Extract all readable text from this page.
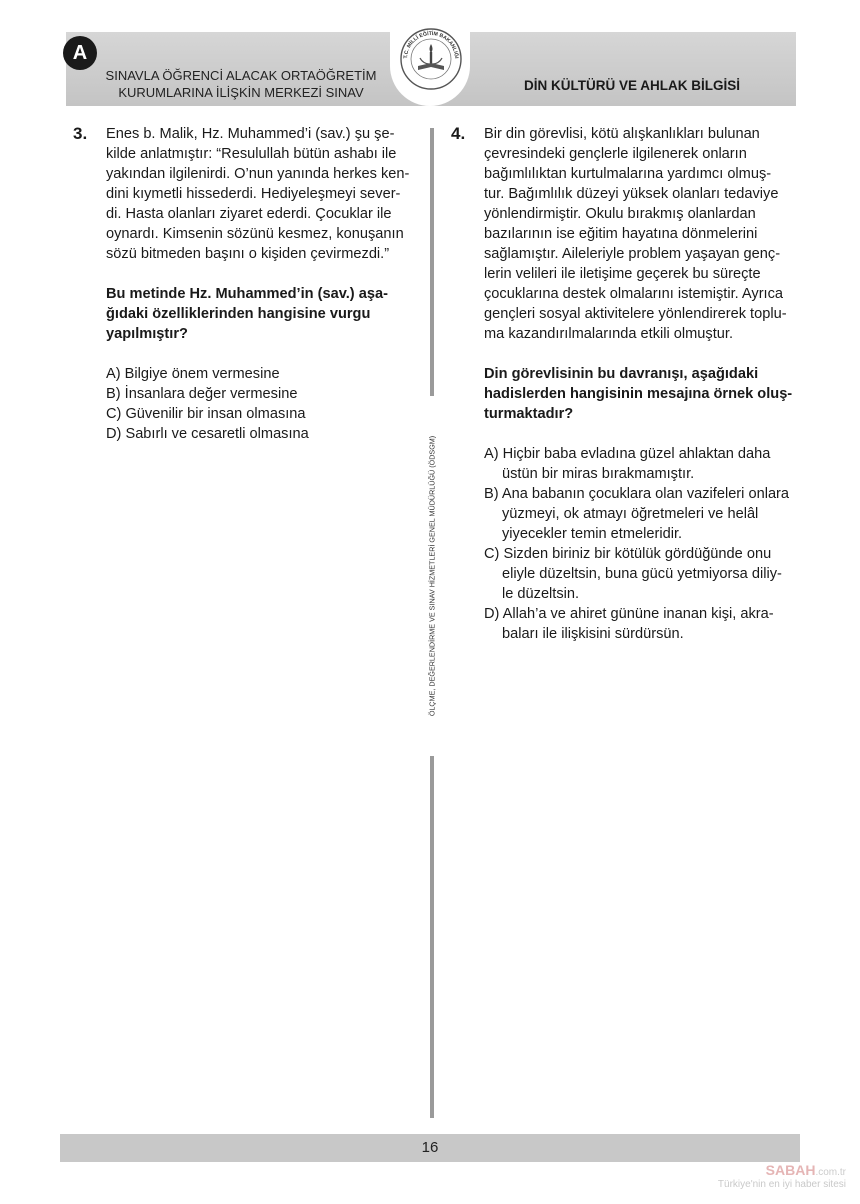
A
SINAVLA ÖĞRENCİ ALACAK ORTAÖĞRETİM
KURUMLARINA İLİŞKİN MERKEZİ SINAV
T.C. MİLLÎ EĞİTİM BAKANLIĞI
DİN KÜLTÜRÜ VE AHLAK BİLGİSİ
3. Enes b. Malik, Hz. Muhammed’i (sav.) şu şe-
kilde anlatmıştır: “Resulullah bütün ashabı ile
yakından ilgilenirdi. O’nun yanında herkes ken-
dini kıymetli hissederdi. Hediyeleşmeyi sever-
di. Hasta olanları ziyaret ederdi. Çocuklar ile
oynardı. Kimsenin sözünü kesmez, konuşanın
sözü bitmeden başını o kişiden çevirmezdi.”

Bu metinde Hz. Muhammed’in (sav.) aşa-
ğıdaki özelliklerinden hangisine vurgu
yapılmıştır?

A) Bilgiye önem vermesine
B) İnsanlara değer vermesine
C) Güvenilir bir insan olmasına
D) Sabırlı ve cesaretli olmasına
ÖLÇME, DEĞERLENDİRME VE SINAV HİZMETLERİ GENEL MÜDÜRLÜĞÜ (ÖDSGM)
4. Bir din görevlisi, kötü alışkanlıkları bulunan
çevresindeki gençlerle ilgilenerek onların
bağımlılıktan kurtulmalarına yardımcı olmuş-
tur. Bağımlılık düzeyi yüksek olanları tedaviye
yönlendirmiştir. Okulu bırakmış olanlardan
bazılarının ise eğitim hayatına dönmelerini
sağlamıştır. Aileleriyle problem yaşayan genç-
lerin velileri ile iletişime geçerek bu süreçte
çocuklarına destek olmalarını istemiştir. Ayrıca
gençleri sosyal aktivitelere yönlendirerek toplu-
ma kazandırılmalarında etkili olmuştur.

Din görevlisinin bu davranışı, aşağıdaki
hadislerden hangisinin mesajına örnek oluş-
turmaktadır?

A) Hiçbir baba evladına güzel ahlaktan daha
üstün bir miras bırakmamıştır.
B) Ana babanın çocuklara olan vazifeleri onlara
yüzmeyi, ok atmayı öğretmeleri ve helâl
yiyecekler temin etmeleridir.
C) Sizden biriniz bir kötülük gördüğünde onu
eliyle düzeltsin, buna gücü yetmiyorsa diliy-
le düzeltsin.
D) Allah’a ve ahiret gününe inanan kişi, akra-
baları ile ilişkisini sürdürsün.
16
SABAH.com.tr
Türkiye'nin en iyi haber sitesi
